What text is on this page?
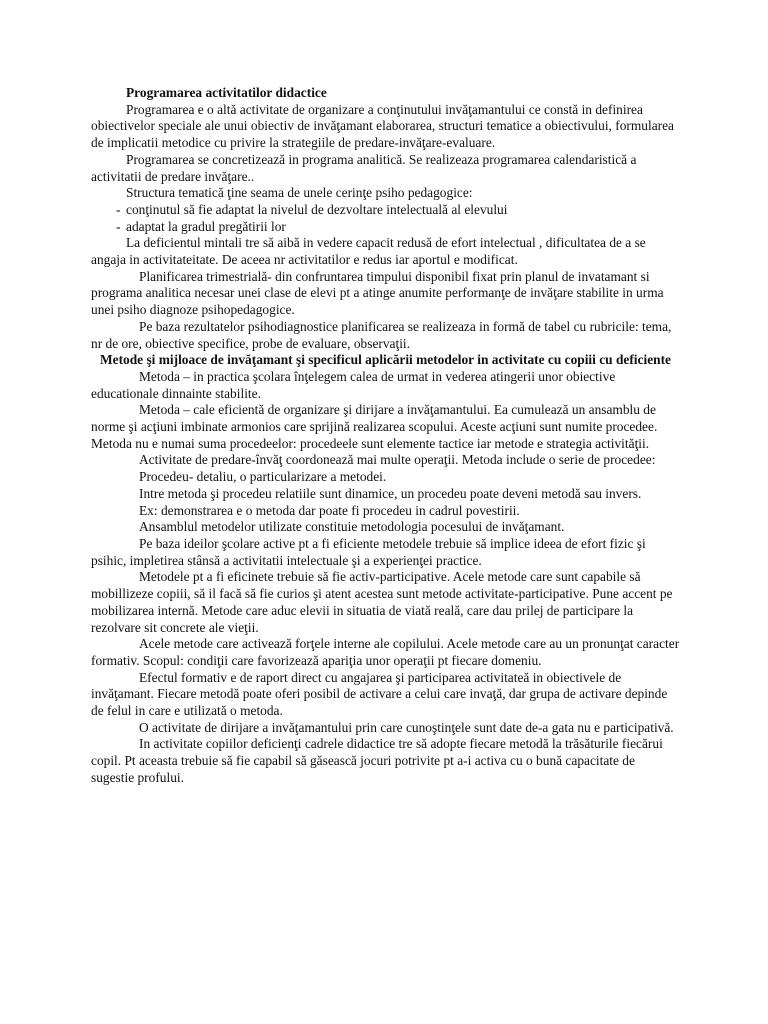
Programarea activitatilor didactice

Programarea e o altă activitate de organizare a conţinutului invăţamantului ce constă in definirea obiectivelor speciale ale unui obiectiv de invăţamant elaborarea, structuri tematice a obiectivului, formularea de implicatii metodice cu privire la strategiile de predare-invăţare-evaluare.

Programarea se concretizează in programa analitică. Se realizeaza programarea calendaristică a activitatii de predare invăţare..

Structura tematică ţine seama de unele cerinţe psiho pedagogice:

- conţinutul să fie adaptat la nivelul de dezvoltare intelectuală al elevului
- adaptat la gradul pregătirii lor

La deficientul mintali tre să aibă in vedere capacit redusă de efort intelectual , dificultatea de a se angaja in activitateitate. De aceea nr activitatilor e redus iar aportul e modificat.

Planificarea trimestrială- din confruntarea timpului disponibil fixat prin planul de invatamant si programa analitica necesar unei clase de elevi pt a atinge anumite performanţe de invăţare stabilite in urma unei psiho diagnoze psihopedagogice.

Pe baza rezultatelor psihodiagnostice planificarea se realizeaza in formă de tabel cu rubricile: tema, nr de ore, obiective specifice, probe de evaluare, observaţii.

Metode şi mijloace de invăţamant şi specificul aplicării metodelor in activitate cu copiii cu deficiente

Metoda – in practica şcolara înţelegem calea de urmat in vederea atingerii unor obiective educationale dinnainte stabilite.

Metoda – cale eficientă de organizare şi dirijare a invăţamantului. Ea cumulează un ansamblu de norme şi acţiuni imbinate armonios care sprijină realizarea scopului. Aceste acţiuni sunt numite procedee. Metoda nu e numai suma procedeelor: procedeele sunt elemente tactice iar metode e strategia activităţii.

Activitate de predare-învăţ coordonează mai multe operaţii. Metoda include o serie de procedee:

Procedeu- detaliu, o particularizare a metodei.

Intre metoda şi procedeu relatiile sunt dinamice, un procedeu poate deveni metodă sau invers.

Ex: demonstrarea e o metoda dar poate fi procedeu in cadrul povestirii.

Ansamblul metodelor utilizate constituie metodologia pocesului de invăţamant.

Pe baza ideilor şcolare active pt a fi eficiente metodele trebuie să implice ideea de efort fizic şi psihic, impletirea stânsă a activitatii intelectuale şi a experienţei practice.

Metodele pt a fi eficinete trebuie să fie activ-participative. Acele metode care sunt capabile să mobillizeze copiii, să il facă să fie curios şi atent acestea sunt metode activitate-participative. Pune accent pe mobilizarea internă. Metode care aduc elevii in situatia de viată reală, care dau prilej de participare la rezolvare sit concrete ale vieţii.

Acele metode care activează forţele interne ale copilului. Acele metode care au un pronunţat caracter formativ. Scopul: condiţii care favorizează apariţia unor operaţii pt fiecare domeniu.

Efectul formativ e de raport direct cu angajarea şi participarea activitateă in obiectivele de invăţamant. Fiecare metodă poate oferi posibil de activare a celui care invaţă, dar grupa de activare depinde de felul in care e utilizată o metoda.

O activitate de dirijare a invăţamantului prin care cunoştinţele sunt date de-a gata nu e participativă.

In activitate copiilor deficienţi cadrele didactice tre să adopte fiecare metodă la trăsăturile fiecărui copil. Pt aceasta trebuie să fie capabil să găsească jocuri potrivite pt a-i activa cu o bună capacitate de sugestie profului.
